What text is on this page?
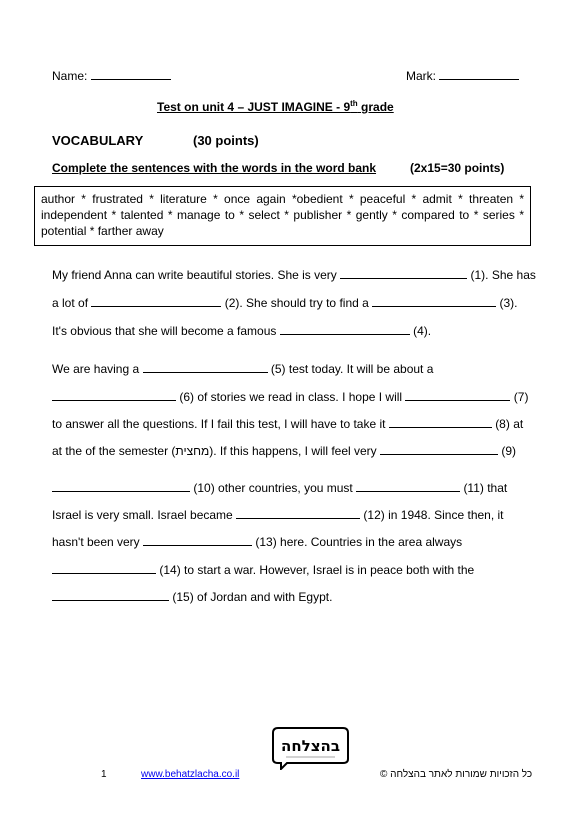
Name:	Mark:
Test on unit 4 – JUST IMAGINE - 9th grade
VOCABULARY	(30 points)
Complete the sentences with the words in the word bank	(2x15=30 points)
author * frustrated * literature * once again *obedient * peaceful * admit * threaten * independent * talented * manage to * select * publisher * gently * compared to * series * potential * farther away
My friend Anna can write beautiful stories. She is very	(1). She has
a lot of	(2). She should try to find a	(3).
It's obvious that she will become a famous	(4).
We are having a	(5) test today. It will be about a
(6) of stories we read in class. I hope I will	(7)
to answer all the questions. If I fail this test, I will have to take it	(8) at
at the of the semester (מחצית). If this happens, I will feel very	(9)
(10) other countries, you must	(11) that
Israel is very small. Israel became	(12) in 1948. Since then, it
hasn't been very	(13) here. Countries in the area always
(14) to start a war. However, Israel is in peace both with the
(15) of Jordan and with Egypt.
בהצלחה
1	www.behatzlacha.co.il	כל הזכויות שמורות לאתר בהצלחה ©
